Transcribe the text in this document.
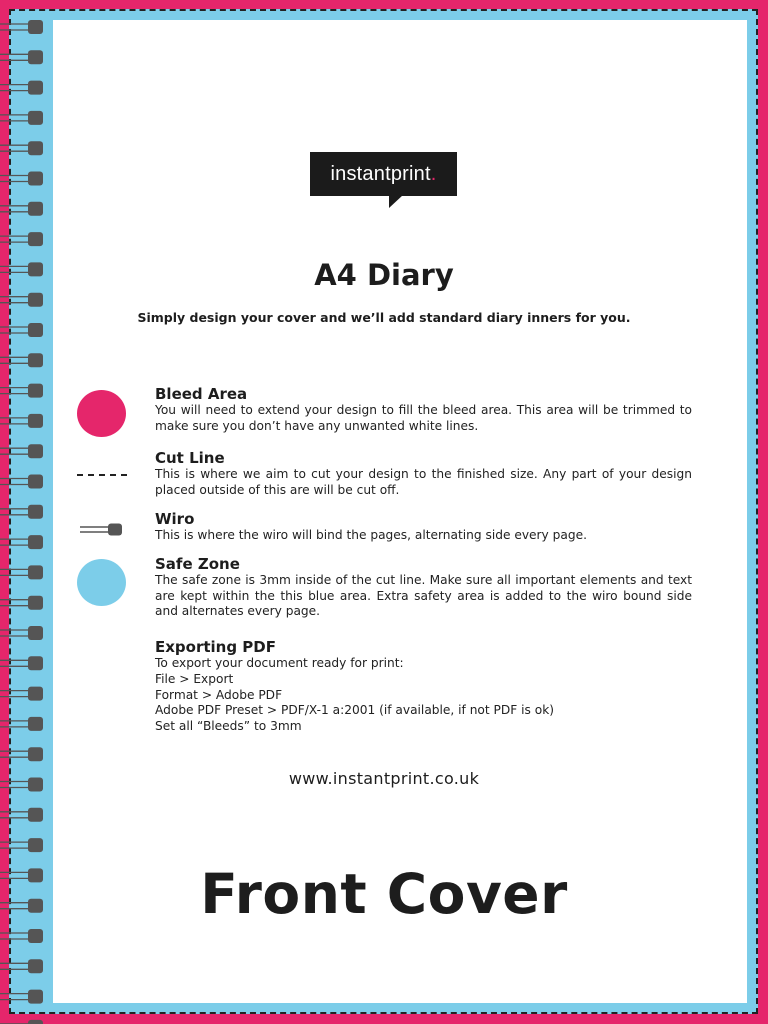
instantprint.
A4 Diary
Simply design your cover and we’ll add standard diary inners for you.
Bleed Area

You will need to extend your design to fill the bleed area. This area will be trimmed to make sure you don’t have any unwanted white lines.

Cut Line

This is where we aim to cut your design to the finished size. Any part of your design placed outside of this are will be cut off.

Wiro

This is where the wiro will bind the pages, alternating side every page.

Safe Zone

The safe zone is 3mm inside of the cut line. Make sure all important elements and text are kept within the this blue area. Extra safety area is added to the wiro bound side and alternates every page.

Exporting PDF
To export your document ready for print:
File > Export
Format > Adobe PDF
Adobe PDF Preset > PDF/X-1 a:2001 (if available, if not PDF is ok)
Set all “Bleeds” to 3mm
www.instantprint.co.uk
Front Cover
